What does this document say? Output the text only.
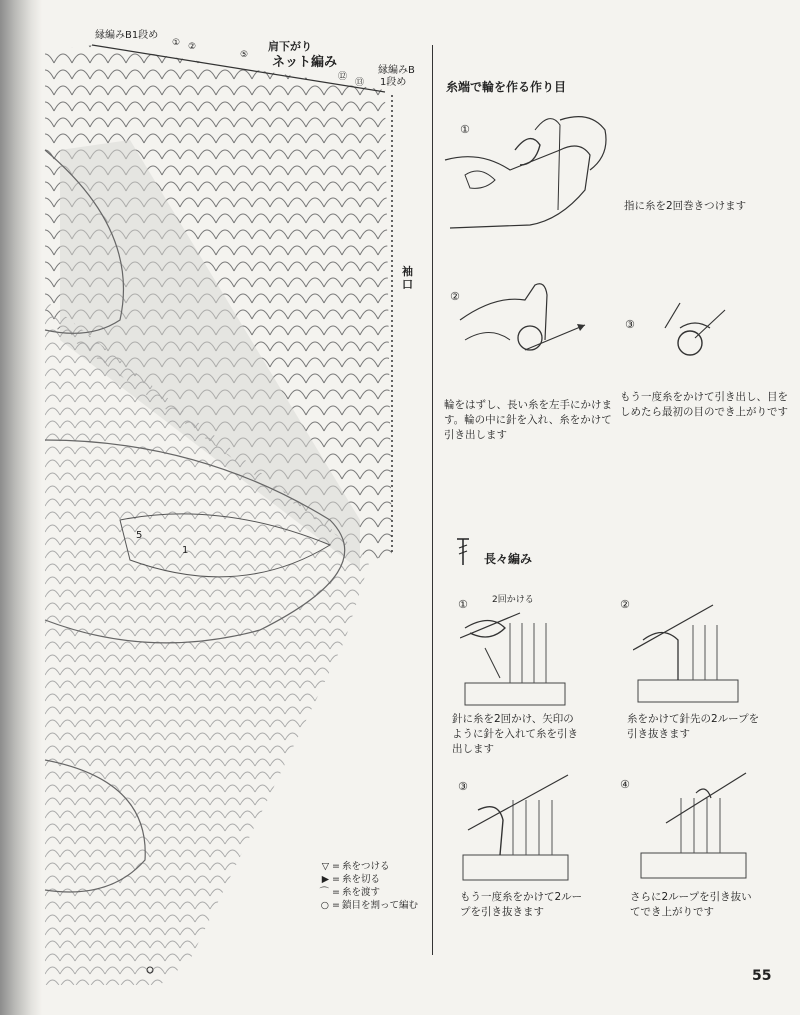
縁編みB1段め
① ②
⑤
肩下がり
ネット編み
⑫
⑬
縁編みB
1段め
袖口
5
1
▽ = 糸をつける
▶ = 糸を切る
⌒ = 糸を渡す
○ = 鎖目を割って編む
糸端で輪を作る作り目
①
指に糸を2回巻きつけます
②
③
輪をはずし、長い糸を左手にかけます。輪の中に針を入れ、糸をかけて引き出します
もう一度糸をかけて引き出し、目をしめたら最初の目のでき上がりです
長々編み
①	2回かける	②
針に糸を2回かけ、矢印のように針を入れて糸を引き出します
糸をかけて針先の2ループを引き抜きます
③	④
もう一度糸をかけて2ループを引き抜きます
さらに2ループを引き抜いてでき上がりです
55
